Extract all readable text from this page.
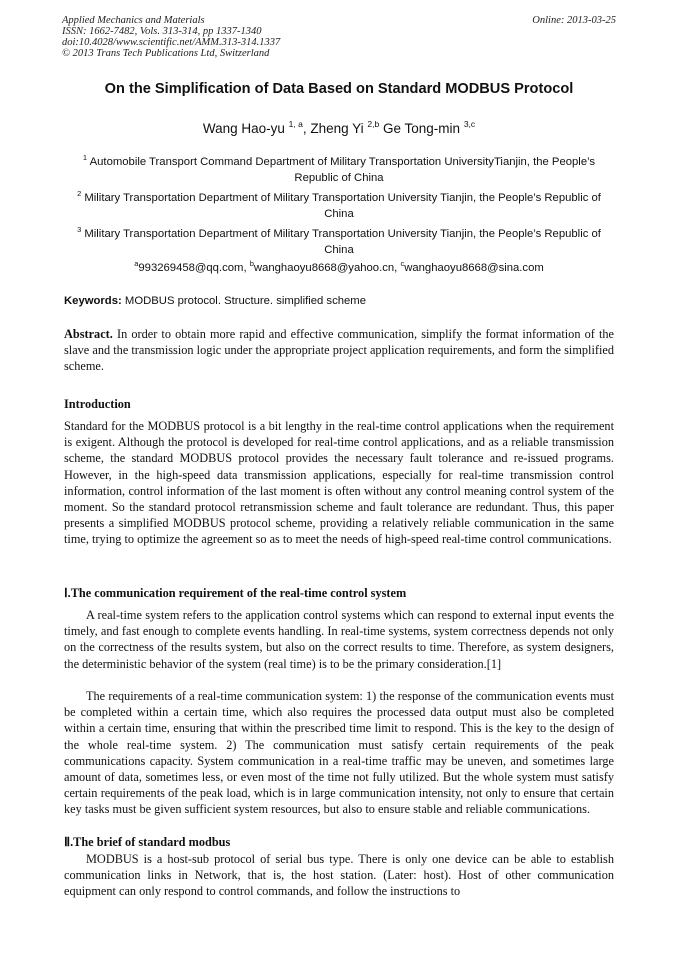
Applied Mechanics and Materials
ISSN: 1662-7482, Vols. 313-314, pp 1337-1340
doi:10.4028/www.scientific.net/AMM.313-314.1337
© 2013 Trans Tech Publications Ltd, Switzerland
Online: 2013-03-25
On the Simplification of Data Based on Standard MODBUS Protocol
Wang Hao-yu $^{1, a}$, Zheng Yi $^{2,b}$ Ge Tong-min $^{3,c}$
$^1$ Automobile Transport Command Department of Military Transportation UniversityTianjin, the People’s Republic of China
$^2$ Military Transportation Department of Military Transportation University Tianjin, the People’s Republic of China
$^3$ Military Transportation Department of Military Transportation University Tianjin, the People’s Republic of China
$^a$993269458@qq.com, $^b$wanghaoyu8668@yahoo.cn, $^c$wanghaoyu8668@sina.com
Keywords: MODBUS protocol. Structure. simplified scheme
Abstract. In order to obtain more rapid and effective communication, simplify the format information of the slave and the transmission logic under the appropriate project application requirements, and form the simplified scheme.
Introduction
Standard for the MODBUS protocol is a bit lengthy in the real-time control applications when the requirement is exigent. Although the protocol is developed for real-time control applications, and as a reliable transmission scheme, the standard MODBUS protocol provides the necessary fault tolerance and re-issued programs. However, in the high-speed data transmission applications, especially for real-time transmission control information, control information of the last moment is often without any control meaning control system of the moment. So the standard protocol retransmission scheme and fault tolerance are redundant. Thus, this paper presents a simplified MODBUS protocol scheme, providing a relatively reliable communication in the same time, trying to optimize the agreement so as to meet the needs of high-speed real-time control communications.
Ⅰ.The communication requirement of the real-time control system
A real-time system refers to the application control systems which can respond to external input events the timely, and fast enough to complete events handling. In real-time systems, system correctness depends not only on the correctness of the results system, but also on the correct results to time. Therefore, as system designers, the deterministic behavior of the system (real time) is to be the primary consideration.[1]
The requirements of a real-time communication system: 1) the response of the communication events must be completed within a certain time, which also requires the processed data output must also be completed within a certain time, ensuring that within the prescribed time limit to respond. This is the key to the design of the whole real-time system. 2) The communication must satisfy certain requirements of the peak communications capacity. System communication in a real-time traffic may be uneven, and sometimes large amount of data, sometimes less, or even most of the time not fully utilized. But the whole system must satisfy certain requirements of the peak load, which is in large communication intensity, not only to ensure that certain key tasks must be given sufficient system resources, but also to ensure stable and reliable communications.
Ⅱ.The brief of standard modbus
MODBUS is a host-sub protocol of serial bus type. There is only one device can be able to establish communication links in Network, that is, the host station. (Later: host). Host of other communication equipment can only respond to control commands, and follow the instructions to
